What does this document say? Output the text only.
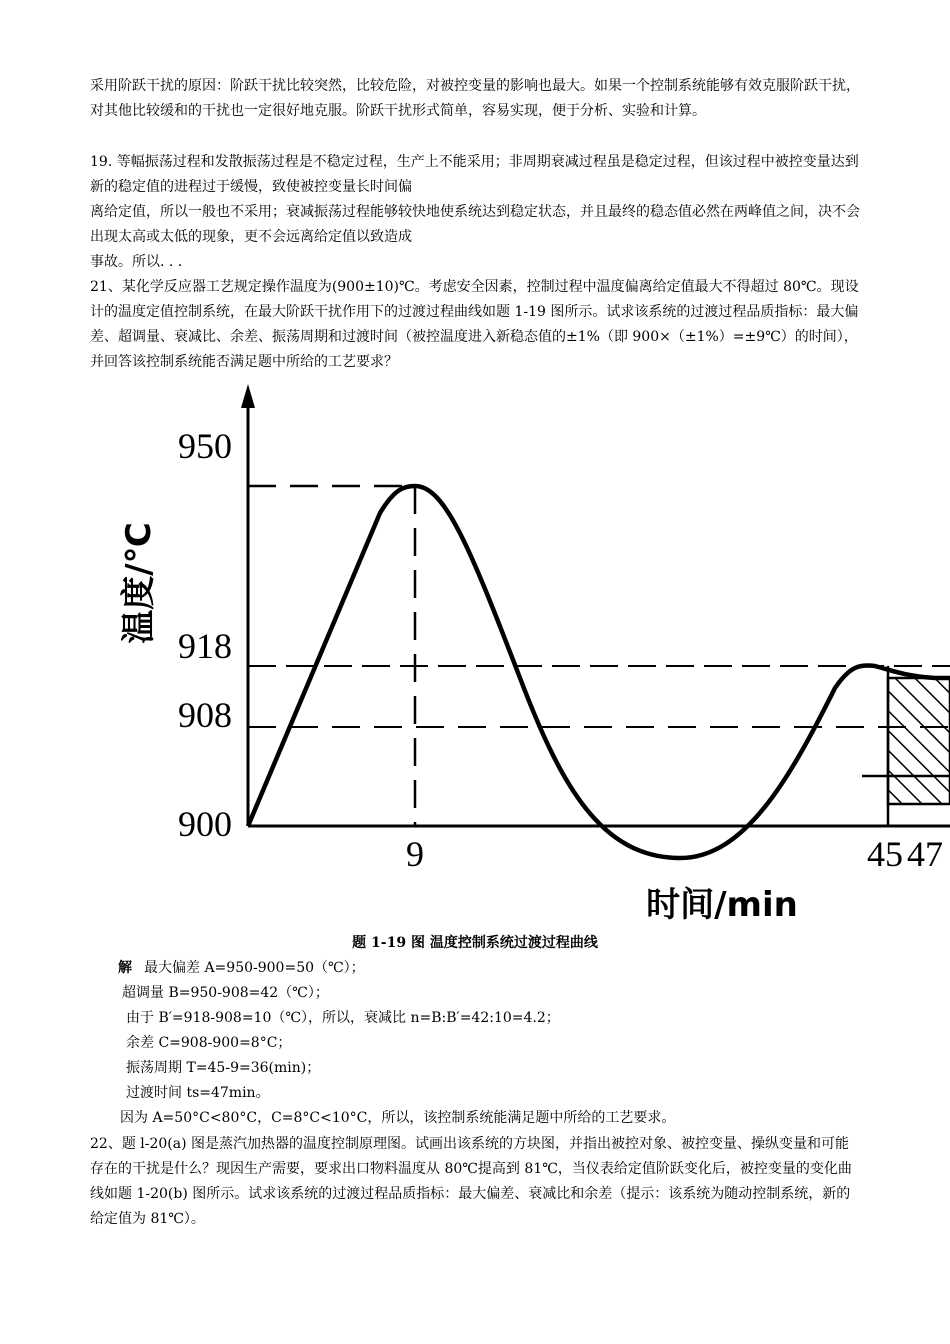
采用阶跃干扰的原因：阶跃干扰比较突然，比较危险，对被控变量的影响也最大。如果一个控制系统能够有效克服阶跃干扰，对其他比较缓和的干扰也一定很好地克服。阶跃干扰形式简单，容易实现，便于分析、实验和计算。
19. 等幅振荡过程和发散振荡过程是不稳定过程，生产上不能采用；非周期衰减过程虽是稳定过程，但该过程中被控变量达到新的稳定值的进程过于缓慢，致使被控变量长时间偏
离给定值，所以一般也不采用；衰减振荡过程能够较快地使系统达到稳定状态，并且最终的稳态值必然在两峰值之间，决不会出现太高或太低的现象，更不会远离给定值以致造成
事故。所以. . .
21、某化学反应器工艺规定操作温度为(900±10)℃。考虑安全因素，控制过程中温度偏离给定值最大不得超过 80℃。现设计的温度定值控制系统，在最大阶跃干扰作用下的过渡过程曲线如题 1-19 图所示。试求该系统的过渡过程品质指标：最大偏差、超调量、衰减比、余差、振荡周期和过渡时间（被控温度进入新稳态值的±1%（即 900×（±1%）=±9℃）的时间），并回答该控制系统能否满足题中所给的工艺要求？
950
918
908
900
9	45 47
温度/℃
时间/min
题 1-19 图 温度控制系统过渡过程曲线
解 最大偏差 A=950-900=50（℃）；
超调量 B=950-908=42（℃）；
由于 B′=918-908=10（℃），所以，衰减比 n=B:B′=42:10=4.2；
余差 C=908-900=8°C；
振荡周期 T=45-9=36(min)；
过渡时间 ts=47min。
因为 A=50°C<80°C，C=8°C<10°C，所以，该控制系统能满足题中所给的工艺要求。
22、题 l-20(a) 图是蒸汽加热器的温度控制原理图。试画出该系统的方块图，并指出被控对象、被控变量、操纵变量和可能存在的干扰是什么？现因生产需要，要求出口物料温度从 80℃提高到 81℃，当仪表给定值阶跃变化后，被控变量的变化曲线如题 1-20(b) 图所示。试求该系统的过渡过程品质指标：最大偏差、衰减比和余差（提示：该系统为随动控制系统，新的给定值为 81℃）。
